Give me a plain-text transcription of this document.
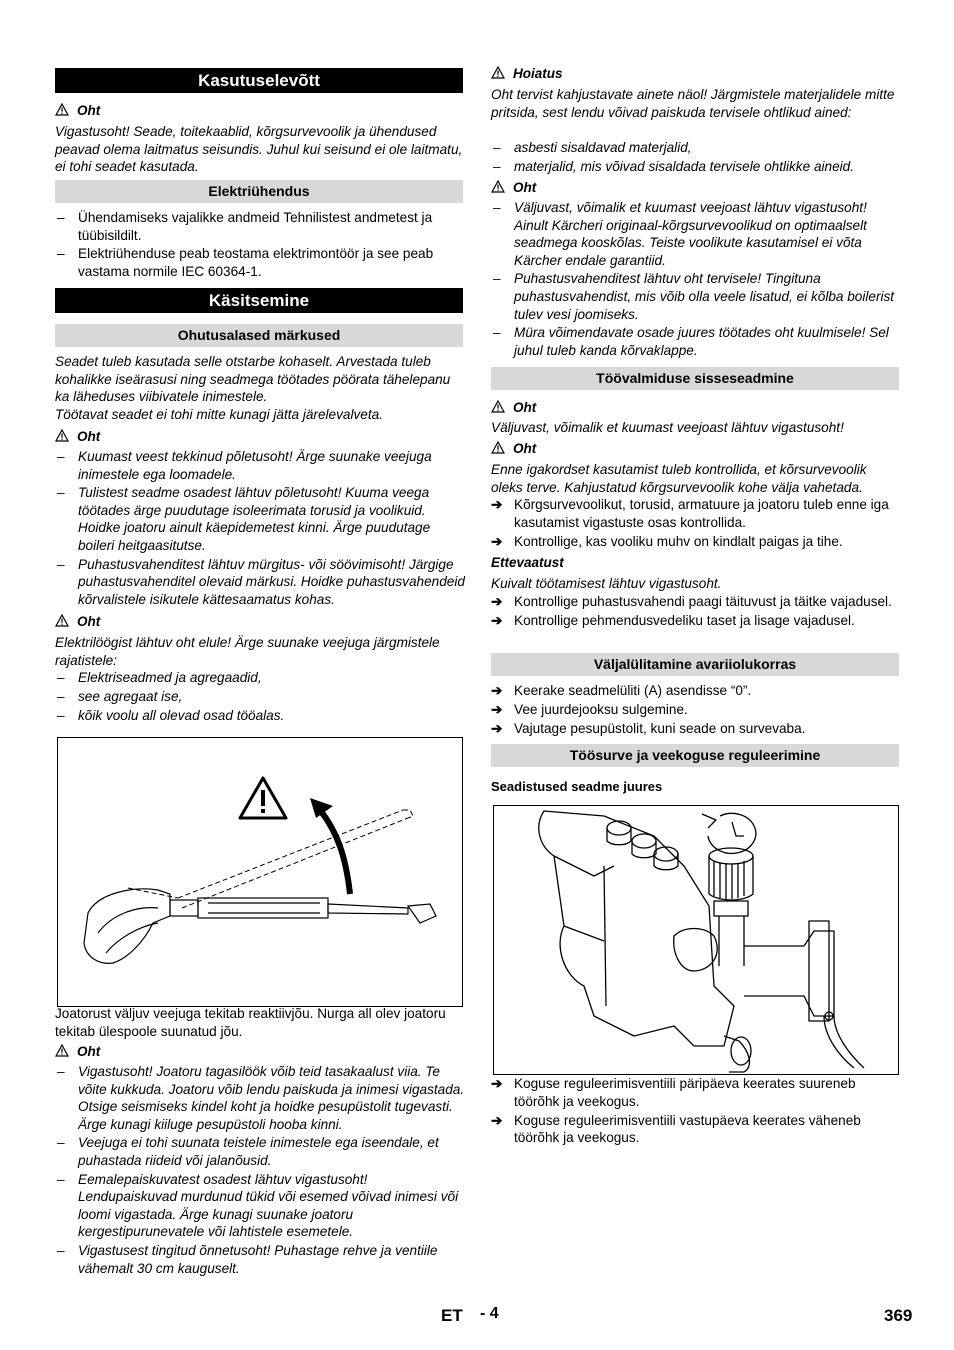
Kasutuselevõtt
Oht
Vigastusoht! Seade, toitekaablid, kõrgsurvevoolik ja ühendused peavad olema laitmatus seisundis. Juhul kui seisund ei ole laitmatu, ei tohi seadet kasutada.
Elektriühendus
– Ühendamiseks vajalikke andmeid Tehnilistest andmetest ja tüübisildilt.
– Elektriühenduse peab teostama elektrimontöör ja see peab vastama normile IEC 60364-1.
Käsitsemine
Ohutusalased märkused
Seadet tuleb kasutada selle otstarbe kohaselt. Arvestada tuleb kohalikke iseärasusi ning seadmega töötades pöörata tähelepanu ka läheduses viibivatele inimestele.
Töötavat seadet ei tohi mitte kunagi jätta järelevalveta.
Oht
– Kuumast veest tekkinud põletusoht! Ärge suunake veejuga inimestele ega loomadele.
– Tulistest seadme osadest lähtuv põletusoht! Kuuma veega töötades ärge puudutage isoleerimata torusid ja voolikuid. Hoidke joatoru ainult käepidemetest kinni. Ärge puudutage boileri heitgaasitutse.
– Puhastusvahenditest lähtuv mürgitus- või söövimisoht! Järgige puhastusvahenditel olevaid märkusi. Hoidke puhastusvahendeid kõrvalistele isikutele kättesaamatus kohas.
Oht
Elektrilöögist lähtuv oht elule! Ärge suunake veejuga järgmistele rajatistele:
– Elektriseadmed ja agregaadid,
– see agregaat ise,
– kõik voolu all olevad osad tööalas.
Joatorust väljuv veejuga tekitab reaktiivjõu. Nurga all olev joatoru tekitab ülespoole suunatud jõu.
Oht
– Vigastusoht! Joatoru tagasilöök võib teid tasakaalust viia. Te võite kukkuda. Joatoru võib lendu paiskuda ja inimesi vigastada. Otsige seismiseks kindel koht ja hoidke pesupüstolit tugevasti. Ärge kunagi kiiluge pesupüstoli hooba kinni.
– Veejuga ei tohi suunata teistele inimestele ega iseendale, et puhastada riideid või jalanõusid.
– Eemalepaiskuvatest osadest lähtuv vigastusoht! Lendupaiskuvad murdunud tükid või esemed võivad inimesi või loomi vigastada. Ärge kunagi suunake joatoru kergestipurunevatele või lahtistele esemetele.
– Vigastusest tingitud õnnetusoht! Puhastage rehve ja ventiile vähemalt 30 cm kauguselt.
Hoiatus
Oht tervist kahjustavate ainete näol! Järgmistele materjalidele mitte pritsida, sest lendu võivad paiskuda tervisele ohtlikud ained:
– asbesti sisaldavad materjalid,
– materjalid, mis võivad sisaldada tervisele ohtlikke aineid.
Oht
– Väljuvast, võimalik et kuumast veejoast lähtuv vigastusoht! Ainult Kärcheri originaal-kõrgsurvevoolikud on optimaalselt seadmega kooskõlas. Teiste voolikute kasutamisel ei võta Kärcher endale garantiid.
– Puhastusvahenditest lähtuv oht tervisele! Tingituna puhastusvahendist, mis võib olla veele lisatud, ei kõlba boilerist tulev vesi joomiseks.
– Müra võimendavate osade juures töötades oht kuulmisele! Sel juhul tuleb kanda kõrvaklappe.
Töövalmiduse sisseseadmine
Oht
Väljuvast, võimalik et kuumast veejoast lähtuv vigastusoht!
Oht
Enne igakordset kasutamist tuleb kontrollida, et kõrsurvevoolik oleks terve. Kahjustatud kõrgsurvevoolik kohe välja vahetada.
➔ Kõrgsurvevoolikut, torusid, armatuure ja joatoru tuleb enne iga kasutamist vigastuste osas kontrollida.
➔ Kontrollige, kas vooliku muhv on kindlalt paigas ja tihe.
Ettevaatust
Kuivalt töötamisest lähtuv vigastusoht.
➔ Kontrollige puhastusvahendi paagi täituvust ja täitke vajadusel.
➔ Kontrollige pehmendusvedeliku taset ja lisage vajadusel.
Väljalülitamine avariiolukorras
➔ Keerake seadmelüliti (A) asendisse “0”.
➔ Vee juurdejooksu sulgemine.
➔ Vajutage pesupüstolit, kuni seade on survevaba.
Töösurve ja veekoguse reguleerimine
Seadistused seadme juures
➔ Koguse reguleerimisventiili päripäeva keerates suureneb töörõhk ja veekogus.
➔ Koguse reguleerimisventiili vastupäeva keerates väheneb töörõhk ja veekogus.
ET - 4	369
